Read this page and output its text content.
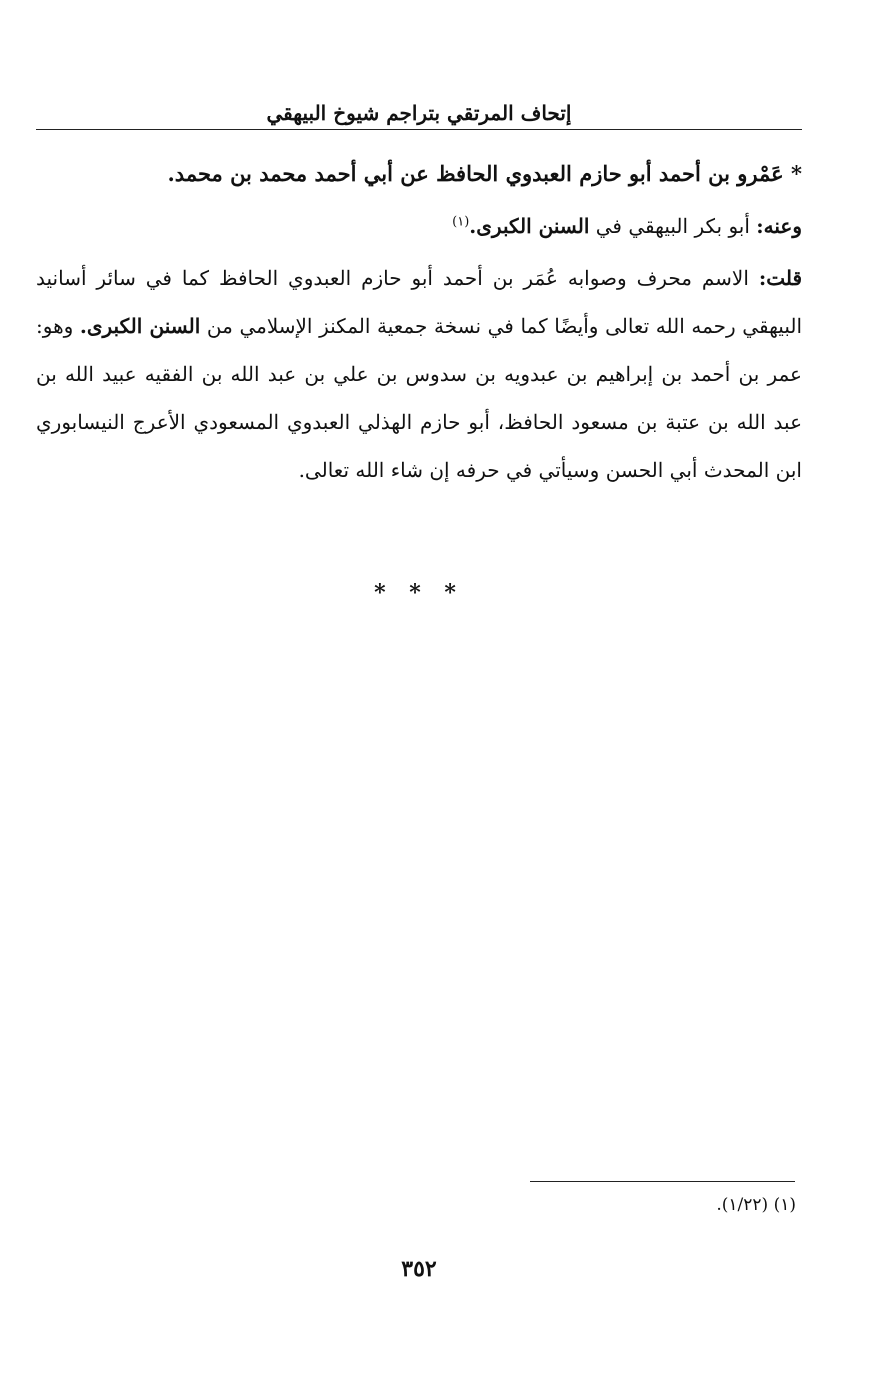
إتحاف المرتقي بتراجم شيوخ البيهقي

* عَمْرو بن أحمد أبو حازم العبدوي الحافظ عن أبي أحمد محمد بن محمد.

وعنه: أبو بكر البيهقي في السنن الكبرى.$^{(١)}$

قلت: الاسم محرف وصوابه عُمَر بن أحمد أبو حازم العبدوي الحافظ كما في سائر أسانيد البيهقي رحمه الله تعالى وأيضًا كما في نسخة جمعية المكنز الإسلامي من السنن الكبرى. وهو: عمر بن أحمد بن إبراهيم بن عبدويه بن سدوس بن علي بن عبد الله بن الفقيه عبيد الله بن عبد الله بن عتبة بن مسعود الحافظ، أبو حازم الهذلي العبدوي المسعودي الأعرج النيسابوري ابن المحدث أبي الحسن وسيأتي في حرفه إن شاء الله تعالى.

* * *
(١) (١/٢٢).
٣٥٢
